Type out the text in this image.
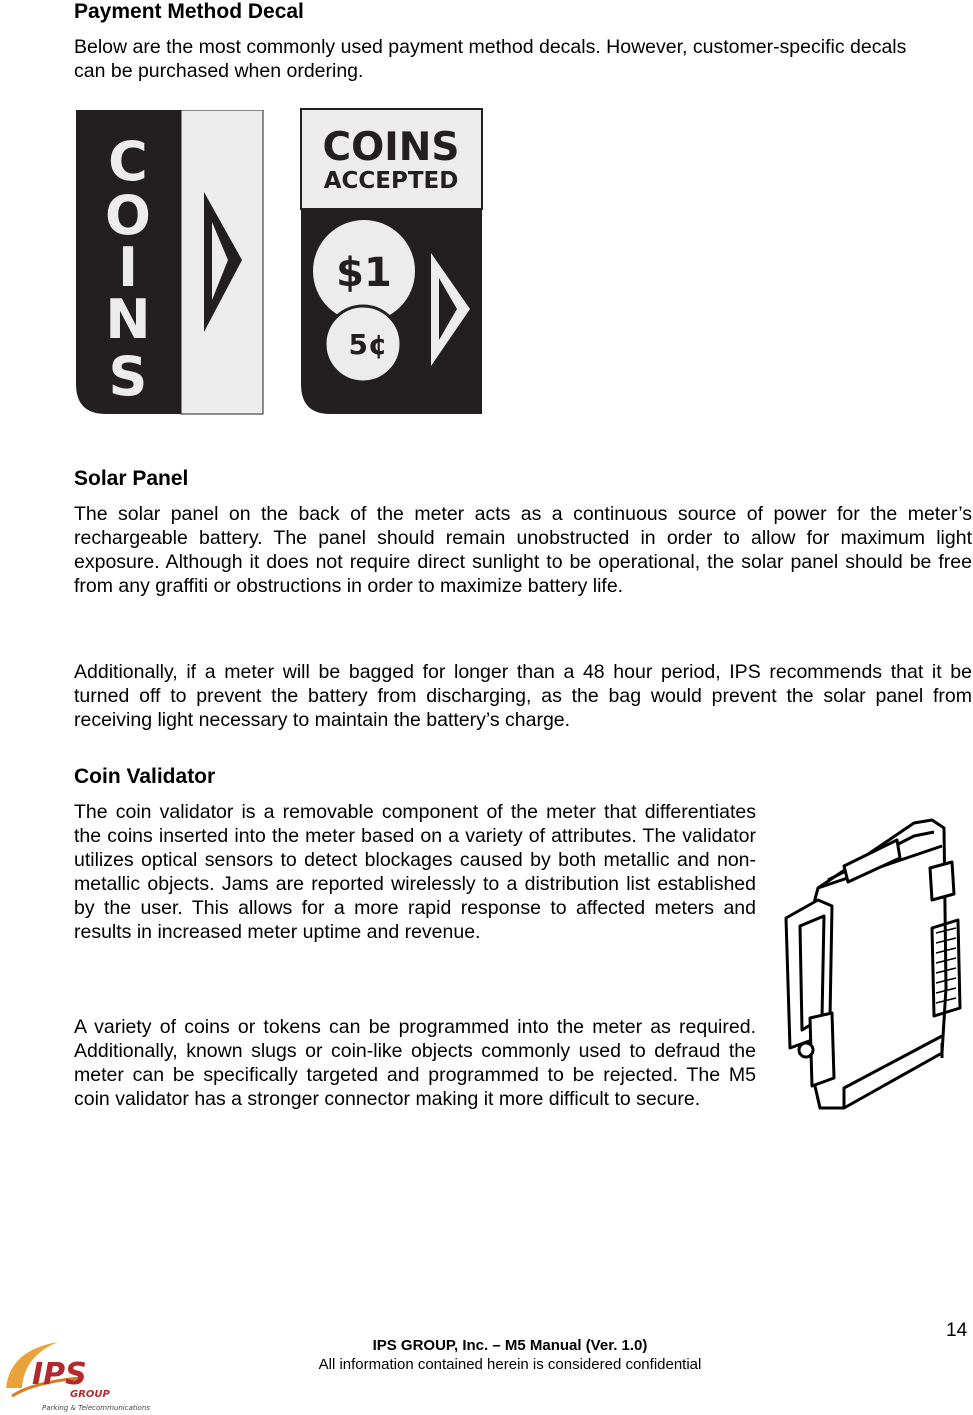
Payment Method Decal

Below are the most commonly used payment method decals. However, customer-specific decals can be purchased when ordering.

C
O
I
N
S
COINS
ACCEPTED
$1
5¢
Solar Panel

The solar panel on the back of the meter acts as a continuous source of power for the meter’s rechargeable battery. The panel should remain unobstructed in order to allow for maximum light exposure. Although it does not require direct sunlight to be operational, the solar panel should be free from any graffiti or obstructions in order to maximize battery life.

Additionally, if a meter will be bagged for longer than a 48 hour period, IPS recommends that it be turned off to prevent the battery from discharging, as the bag would prevent the solar panel from receiving light necessary to maintain the battery’s charge.

Coin Validator

The coin validator is a removable component of the meter that differentiates the coins inserted into the meter based on a variety of attributes. The validator utilizes optical sensors to detect blockages caused by both metallic and non-metallic objects. Jams are reported wirelessly to a distribution list established by the user. This allows for a more rapid response to affected meters and results in increased meter uptime and revenue.

A variety of coins or tokens can be programmed into the meter as required. Additionally, known slugs or coin-like objects commonly used to defraud the meter can be specifically targeted and programmed to be rejected. The M5 coin validator has a stronger connector making it more difficult to secure.

14
IPS GROUP, Inc. – M5 Manual (Ver. 1.0)
All information contained herein is considered confidential
IPS
GROUP
Parking & Telecommunications
